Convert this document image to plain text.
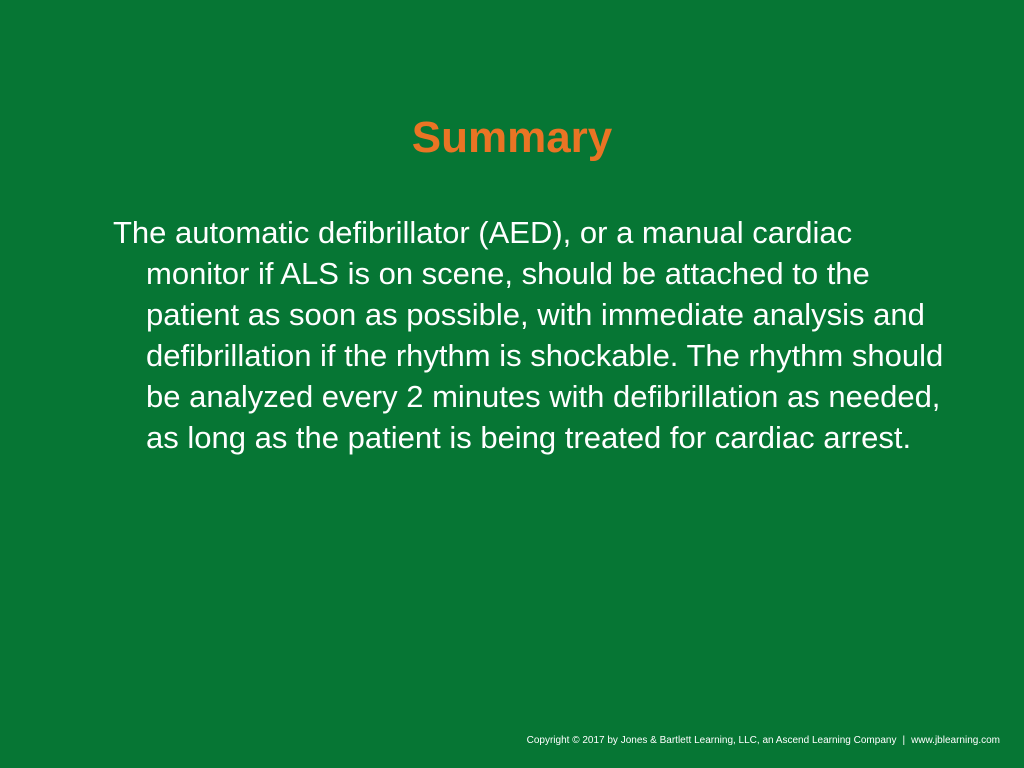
Summary

The automatic defibrillator (AED), or a manual cardiac monitor if ALS is on scene, should be attached to the patient as soon as possible, with immediate analysis and defibrillation if the rhythm is shockable. The rhythm should be analyzed every 2 minutes with defibrillation as needed, as long as the patient is being treated for cardiac arrest.

Copyright © 2017 by Jones & Bartlett Learning, LLC, an Ascend Learning Company | www.jblearning.com
